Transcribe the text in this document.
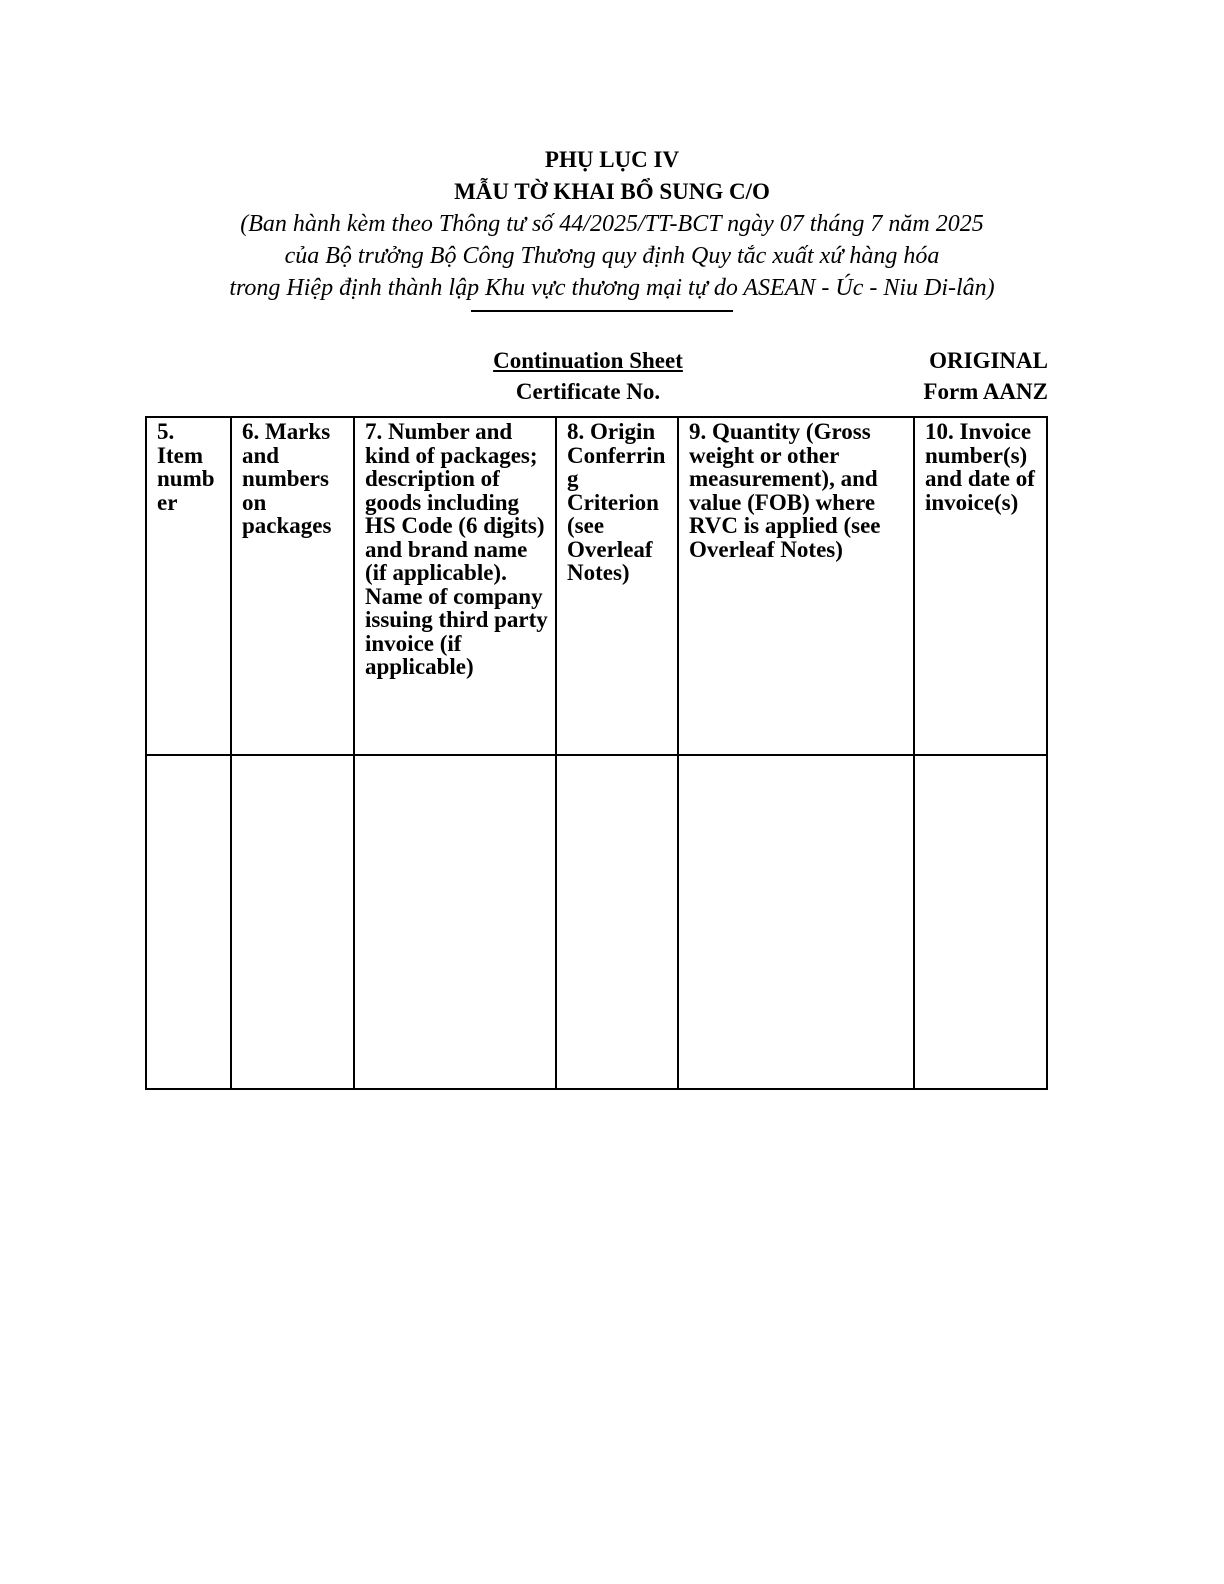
PHỤ LỤC IV
MẪU TỜ KHAI BỔ SUNG C/O

(Ban hành kèm theo Thông tư số 44/2025/TT-BCT ngày 07 tháng 7 năm 2025

của Bộ trưởng Bộ Công Thương quy định Quy tắc xuất xứ hàng hóa

trong Hiệp định thành lập Khu vực thương mại tự do ASEAN - Úc - Niu Di-lân)

Continuation Sheet
Certificate No.
ORIGINAL
Form AANZ
5. Item number	6. Marks and numbers on packages	7. Number and kind of packages; description of goods including HS Code (6 digits) and brand name (if applicable). Name of company issuing third party invoice (if applicable)	8. Origin Conferring Criterion (see Overleaf Notes)	9. Quantity (Gross weight or other measurement), and value (FOB) where RVC is applied (see Overleaf Notes)	10. Invoice number(s) and date of invoice(s)
